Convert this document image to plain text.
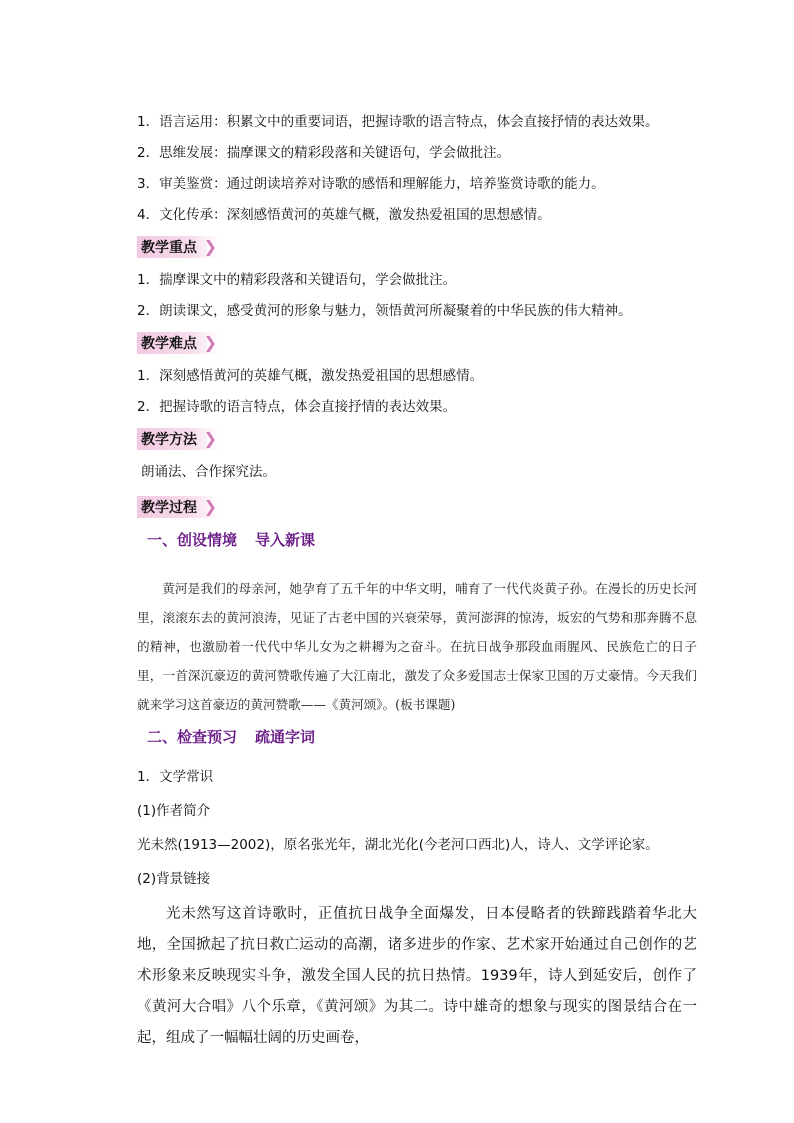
1．语言运用：积累文中的重要词语，把握诗歌的语言特点，体会直接抒情的表达效果。
2．思维发展：揣摩课文的精彩段落和关键语句，学会做批注。
3．审美鉴赏：通过朗读培养对诗歌的感悟和理解能力，培养鉴赏诗歌的能力。
4．文化传承：深刻感悟黄河的英雄气概，激发热爱祖国的思想感情。
教学重点 ❯
1．揣摩课文中的精彩段落和关键语句，学会做批注。
2．朗读课文，感受黄河的形象与魅力，领悟黄河所凝聚着的中华民族的伟大精神。
教学难点 ❯
1．深刻感悟黄河的英雄气概，激发热爱祖国的思想感情。
2．把握诗歌的语言特点，体会直接抒情的表达效果。
教学方法 ❯
朗诵法、合作探究法。
教学过程 ❯
一、创设情境 导入新课

黄河是我们的母亲河，她孕育了五千年的中华文明，哺育了一代代炎黄子孙。在漫长的历史长河里，滚滚东去的黄河浪涛，见证了古老中国的兴衰荣辱，黄河澎湃的惊涛，坂宏的气势和那奔腾不息的精神，也激励着一代代中华儿女为之耕耨为之奋斗。在抗日战争那段血雨腥风、民族危亡的日子里，一首深沉豪迈的黄河赞歌传遍了大江南北，激发了众多爱国志士保家卫国的万丈豪情。今天我们就来学习这首豪迈的黄河赞歌——《黄河颂》。(板书课题)

二、检查预习 疏通字词
1．文学常识
(1)作者简介
光未然(1913—2002)，原名张光年，湖北光化(今老河口西北)人，诗人、文学评论家。
(2)背景链接

光未然写这首诗歌时，正值抗日战争全面爆发，日本侵略者的铁蹄践踏着华北大地，全国掀起了抗日救亡运动的高潮，诸多进步的作家、艺术家开始通过自己创作的艺术形象来反映现实斗争，激发全国人民的抗日热情。1939年，诗人到延安后，创作了《黄河大合唱》八个乐章，《黄河颂》为其二。诗中雄奇的想象与现实的图景结合在一起，组成了一幅幅壮阔的历史画卷，
